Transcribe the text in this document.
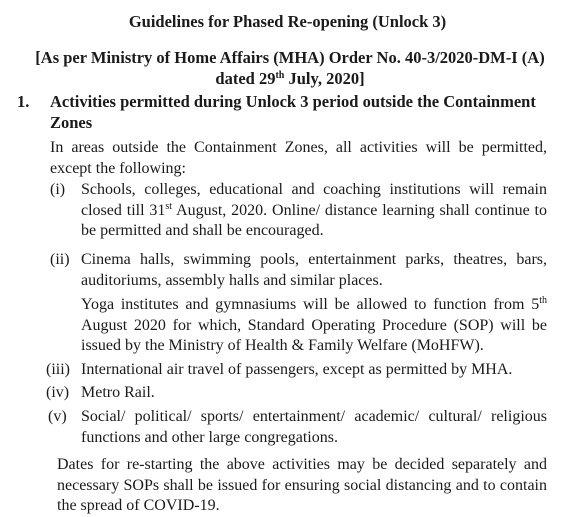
Guidelines for Phased Re-opening (Unlock 3)
[As per Ministry of Home Affairs (MHA) Order No. 40-3/2020-DM-I (A) dated 29th July, 2020]
1. Activities permitted during Unlock 3 period outside the Containment Zones
In areas outside the Containment Zones, all activities will be permitted, except the following:
(i) Schools, colleges, educational and coaching institutions will remain closed till 31st August, 2020. Online/ distance learning shall continue to be permitted and shall be encouraged.
(ii) Cinema halls, swimming pools, entertainment parks, theatres, bars, auditoriums, assembly halls and similar places.
Yoga institutes and gymnasiums will be allowed to function from 5th August 2020 for which, Standard Operating Procedure (SOP) will be issued by the Ministry of Health & Family Welfare (MoHFW).
(iii) International air travel of passengers, except as permitted by MHA.
(iv) Metro Rail.
(v) Social/ political/ sports/ entertainment/ academic/ cultural/ religious functions and other large congregations.
Dates for re-starting the above activities may be decided separately and necessary SOPs shall be issued for ensuring social distancing and to contain the spread of COVID-19.
